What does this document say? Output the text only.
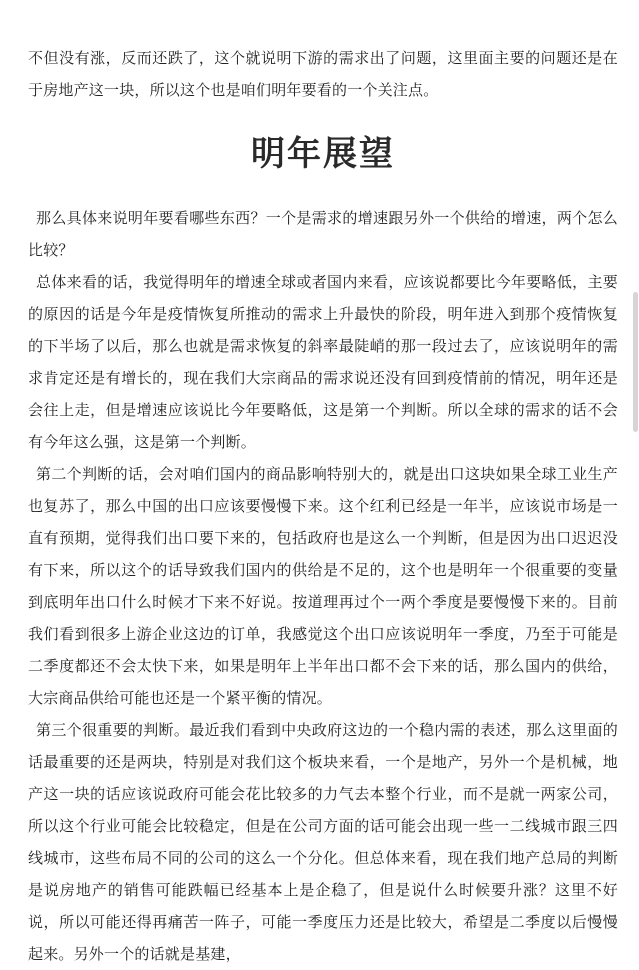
不但没有涨，反而还跌了，这个就说明下游的需求出了问题，这里面主要的问题还是在于房地产这一块，所以这个也是咱们明年要看的一个关注点。

明年展望

那么具体来说明年要看哪些东西？一个是需求的增速跟另外一个供给的增速，两个怎么比较？

总体来看的话，我觉得明年的增速全球或者国内来看，应该说都要比今年要略低，主要的原因的话是今年是疫情恢复所推动的需求上升最快的阶段，明年进入到那个疫情恢复的下半场了以后，那么也就是需求恢复的斜率最陡峭的那一段过去了，应该说明年的需求肯定还是有增长的，现在我们大宗商品的需求说还没有回到疫情前的情况，明年还是会往上走，但是增速应该说比今年要略低，这是第一个判断。所以全球的需求的话不会有今年这么强，这是第一个判断。

第二个判断的话，会对咱们国内的商品影响特别大的，就是出口这块如果全球工业生产也复苏了，那么中国的出口应该要慢慢下来。这个红利已经是一年半，应该说市场是一直有预期，觉得我们出口要下来的，包括政府也是这么一个判断，但是因为出口迟迟没有下来，所以这个的话导致我们国内的供给是不足的，这个也是明年一个很重要的变量到底明年出口什么时候才下来不好说。按道理再过个一两个季度是要慢慢下来的。目前我们看到很多上游企业这边的订单，我感觉这个出口应该说明年一季度，乃至于可能是二季度都还不会太快下来，如果是明年上半年出口都不会下来的话，那么国内的供给，大宗商品供给可能也还是一个紧平衡的情况。

第三个很重要的判断。最近我们看到中央政府这边的一个稳内需的表述，那么这里面的话最重要的还是两块，特别是对我们这个板块来看，一个是地产，另外一个是机械，地产这一块的话应该说政府可能会花比较多的力气去本整个行业，而不是就一两家公司，所以这个行业可能会比较稳定，但是在公司方面的话可能会出现一些一二线城市跟三四线城市，这些布局不同的公司的这么一个分化。但总体来看，现在我们地产总局的判断是说房地产的销售可能跌幅已经基本上是企稳了，但是说什么时候要升涨？这里不好说，所以可能还得再痛苦一阵子，可能一季度压力还是比较大，希望是二季度以后慢慢起来。另外一个的话就是基建，
